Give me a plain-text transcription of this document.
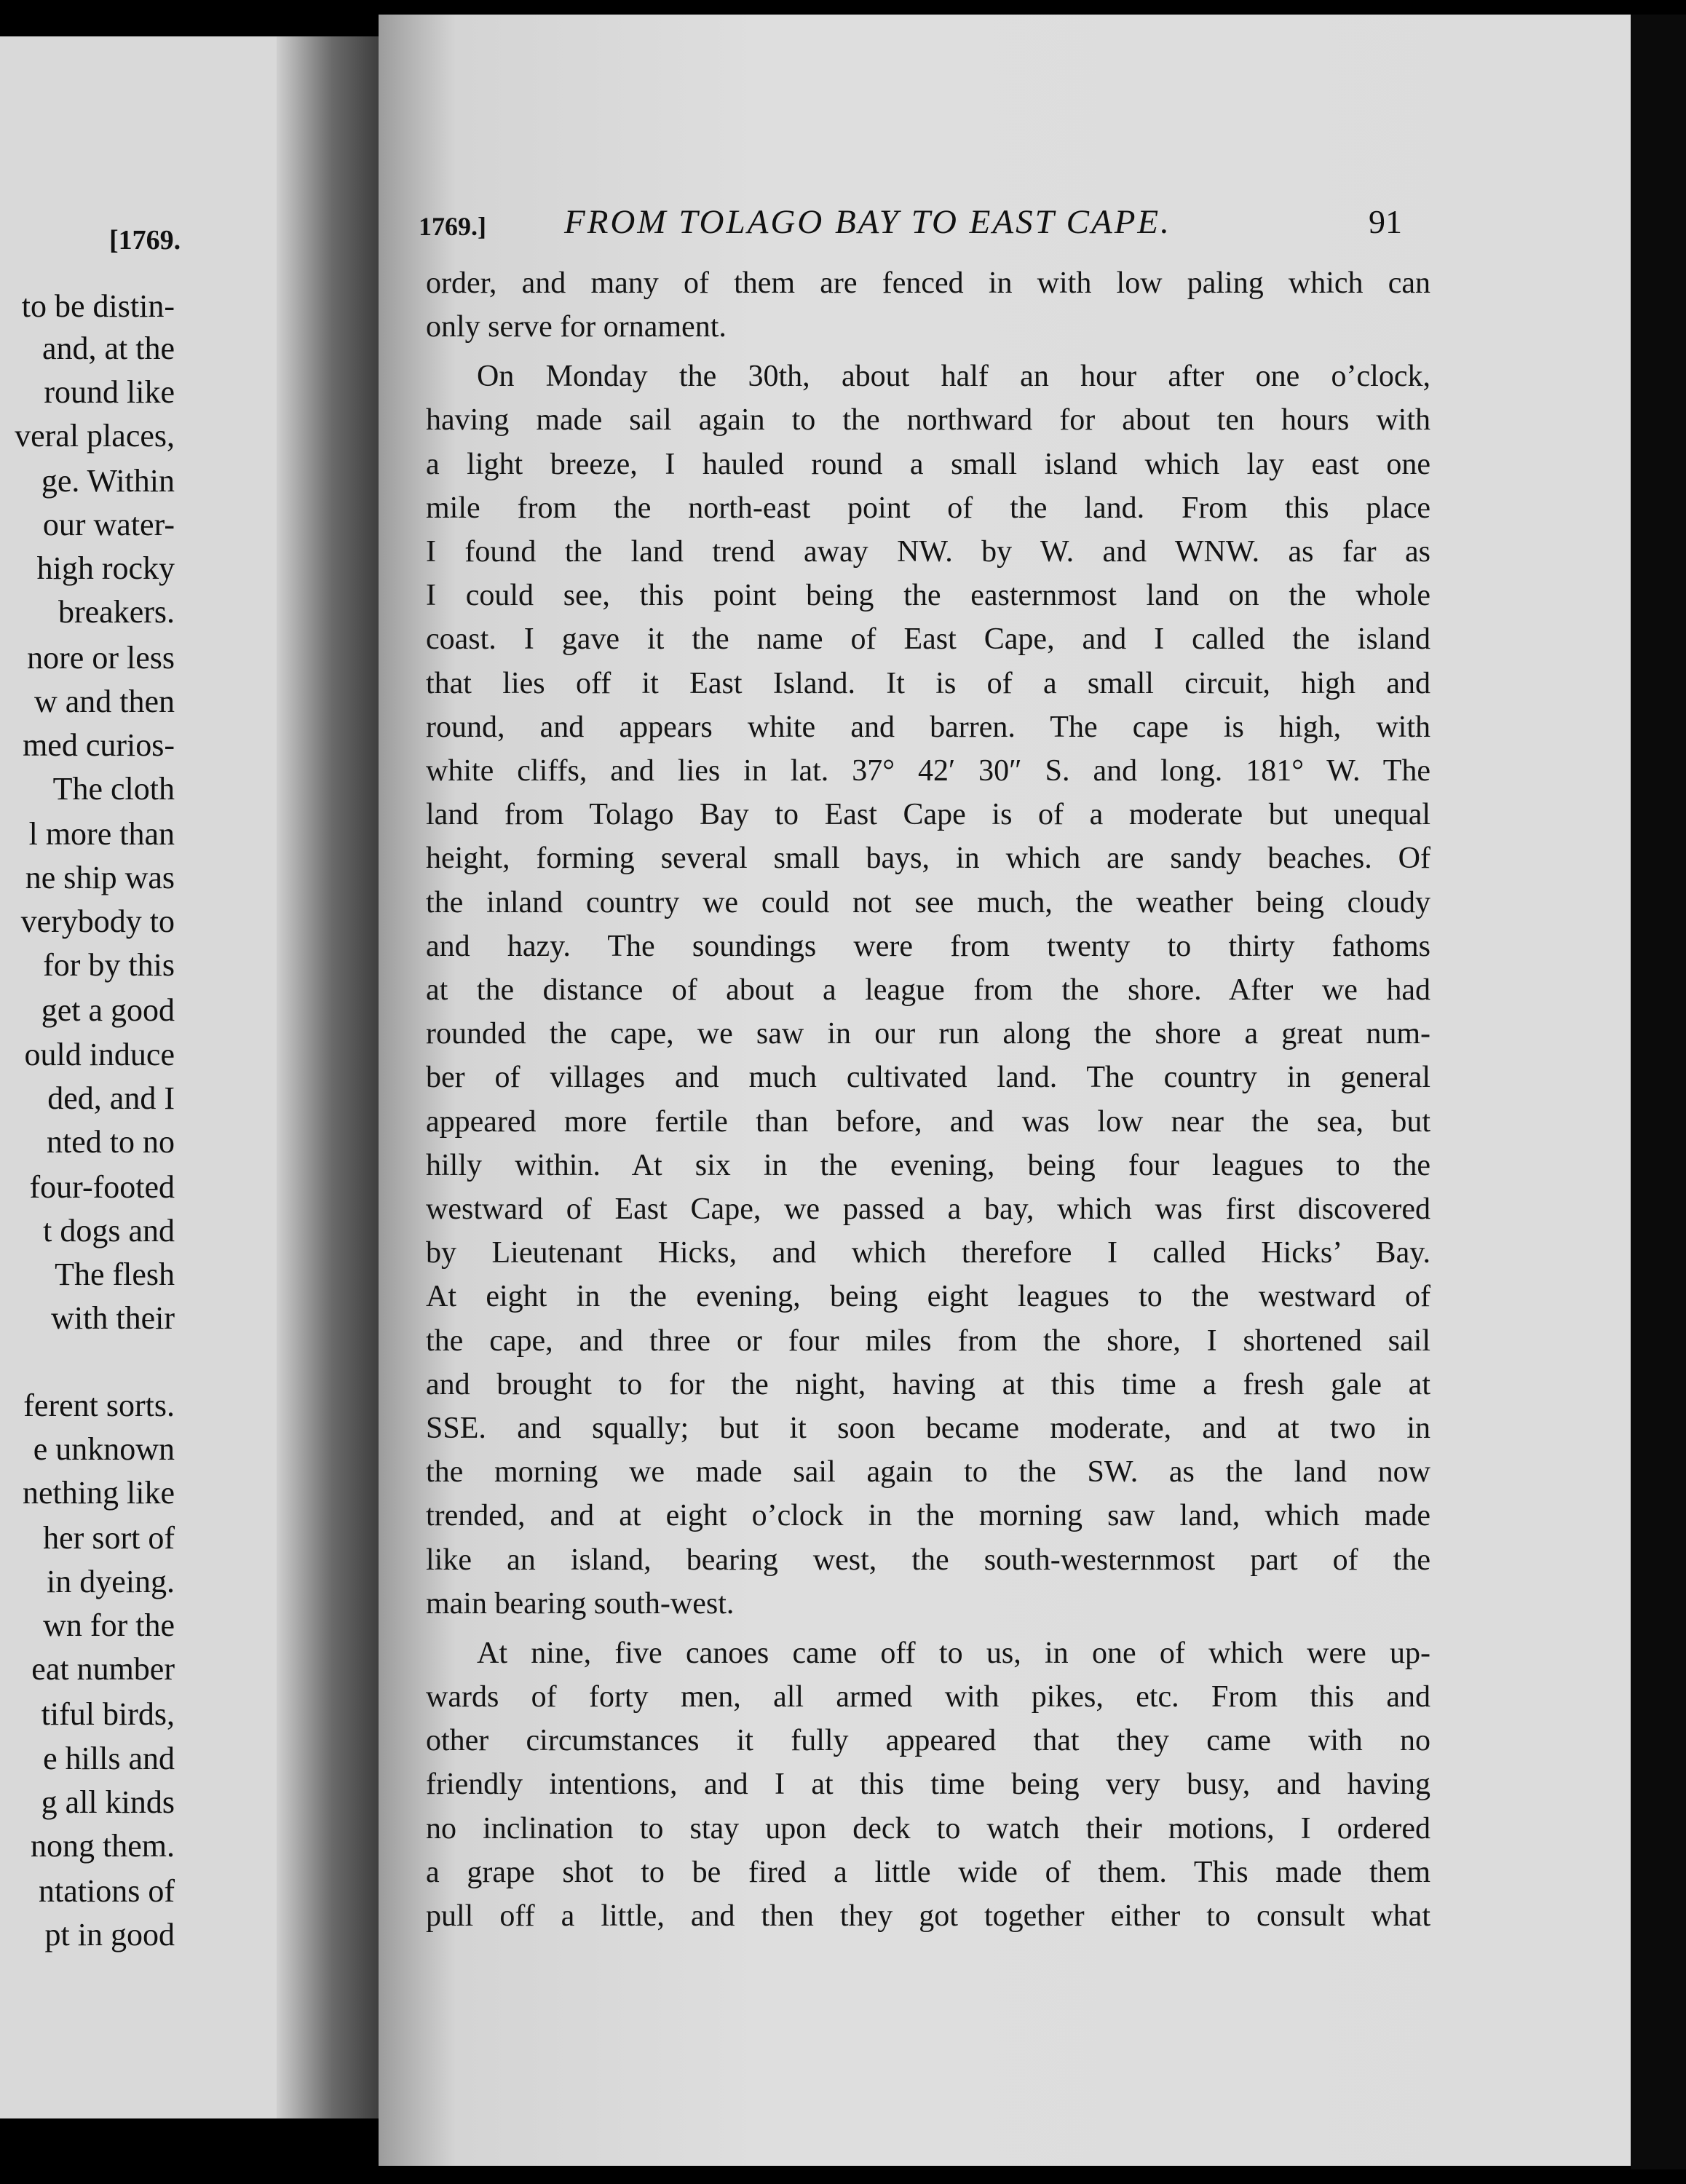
[1769.
to be distin-
and, at the
round like
veral places,
ge. Within
our water-
high rocky
breakers.
nore or less
w and then
med curios-
The cloth
l more than
ne ship was
verybody to
for by this
get a good
ould induce
ded, and I
nted to no
four-footed
t dogs and
The flesh
with their
ferent sorts.
e unknown
nething like
her sort of
in dyeing.
wn for the
eat number
tiful birds,
e hills and
g all kinds
nong them.
ntations of
pt in good
1769.] FROM TOLAGO BAY TO EAST CAPE.	91
order, and many of them are fenced in with low paling which can
only serve for ornament.
On Monday the 30th, about half an hour after one o’clock,
having made sail again to the northward for about ten hours with
a light breeze, I hauled round a small island which lay east one
mile from the north-east point of the land. From this place
I found the land trend away NW. by W. and WNW. as far as
I could see, this point being the easternmost land on the whole
coast. I gave it the name of East Cape, and I called the island
that lies off it East Island. It is of a small circuit, high and
round, and appears white and barren. The cape is high, with
white cliffs, and lies in lat. 37° 42′ 30″ S. and long. 181° W. The
land from Tolago Bay to East Cape is of a moderate but unequal
height, forming several small bays, in which are sandy beaches. Of
the inland country we could not see much, the weather being cloudy
and hazy. The soundings were from twenty to thirty fathoms
at the distance of about a league from the shore. After we had
rounded the cape, we saw in our run along the shore a great num-
ber of villages and much cultivated land. The country in general
appeared more fertile than before, and was low near the sea, but
hilly within. At six in the evening, being four leagues to the
westward of East Cape, we passed a bay, which was first discovered
by Lieutenant Hicks, and which therefore I called Hicks’ Bay.
At eight in the evening, being eight leagues to the westward of
the cape, and three or four miles from the shore, I shortened sail
and brought to for the night, having at this time a fresh gale at
SSE. and squally; but it soon became moderate, and at two in
the morning we made sail again to the SW. as the land now
trended, and at eight o’clock in the morning saw land, which made
like an island, bearing west, the south-westernmost part of the
main bearing south-west.
At nine, five canoes came off to us, in one of which were up-
wards of forty men, all armed with pikes, etc. From this and
other circumstances it fully appeared that they came with no
friendly intentions, and I at this time being very busy, and having
no inclination to stay upon deck to watch their motions, I ordered
a grape shot to be fired a little wide of them. This made them
pull off a little, and then they got together either to consult what
